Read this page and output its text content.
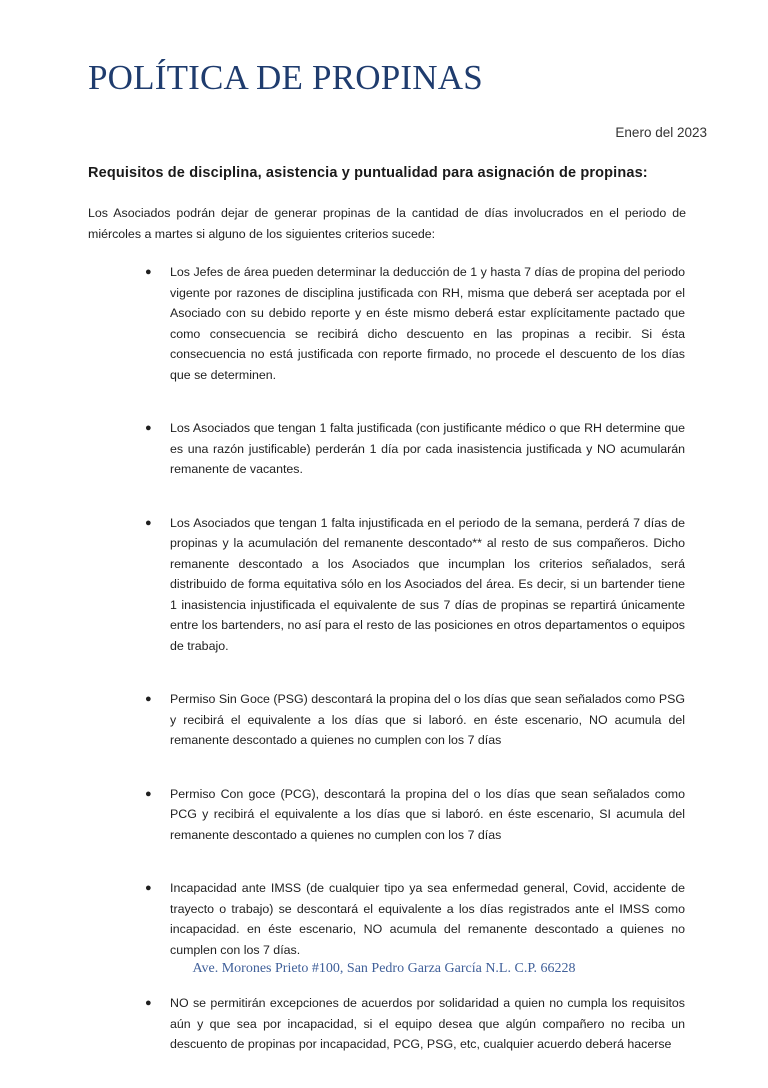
POLÍTICA DE PROPINAS
Enero del 2023
Requisitos de disciplina, asistencia y puntualidad para asignación de propinas:

Los Asociados podrán dejar de generar propinas de la cantidad de días involucrados en el periodo de miércoles a martes si alguno de los siguientes criterios sucede:

● Los Jefes de área pueden determinar la deducción de 1 y hasta 7 días de propina del periodo vigente por razones de disciplina justificada con RH, misma que deberá ser aceptada por el Asociado con su debido reporte y en éste mismo deberá estar explícitamente pactado que como consecuencia se recibirá dicho descuento en las propinas a recibir. Si ésta consecuencia no está justificada con reporte firmado, no procede el descuento de los días que se determinen.

● Los Asociados que tengan 1 falta justificada (con justificante médico o que RH determine que es una razón justificable) perderán 1 día por cada inasistencia justificada y NO acumularán remanente de vacantes.

● Los Asociados que tengan 1 falta injustificada en el periodo de la semana, perderá 7 días de propinas y la acumulación del remanente descontado** al resto de sus compañeros. Dicho remanente descontado a los Asociados que incumplan los criterios señalados, será distribuido de forma equitativa sólo en los Asociados del área. Es decir, si un bartender tiene 1 inasistencia injustificada el equivalente de sus 7 días de propinas se repartirá únicamente entre los bartenders, no así para el resto de las posiciones en otros departamentos o equipos de trabajo.

● Permiso Sin Goce (PSG) descontará la propina del o los días que sean señalados como PSG y recibirá el equivalente a los días que si laboró. en éste escenario, NO acumula del remanente descontado a quienes no cumplen con los 7 días

● Permiso Con goce (PCG), descontará la propina del o los días que sean señalados como PCG y recibirá el equivalente a los días que si laboró. en éste escenario, SI acumula del remanente descontado a quienes no cumplen con los 7 días

● Incapacidad ante IMSS (de cualquier tipo ya sea enfermedad general, Covid, accidente de trayecto o trabajo) se descontará el equivalente a los días registrados ante el IMSS como incapacidad. en éste escenario, NO acumula del remanente descontado a quienes no cumplen con los 7 días.

● NO se permitirán excepciones de acuerdos por solidaridad a quien no cumpla los requisitos aún y que sea por incapacidad, si el equipo desea que algún compañero no reciba un descuento de propinas por incapacidad, PCG, PSG, etc, cualquier acuerdo deberá hacerse

Ave. Morones Prieto #100, San Pedro Garza García N.L. C.P. 66228
